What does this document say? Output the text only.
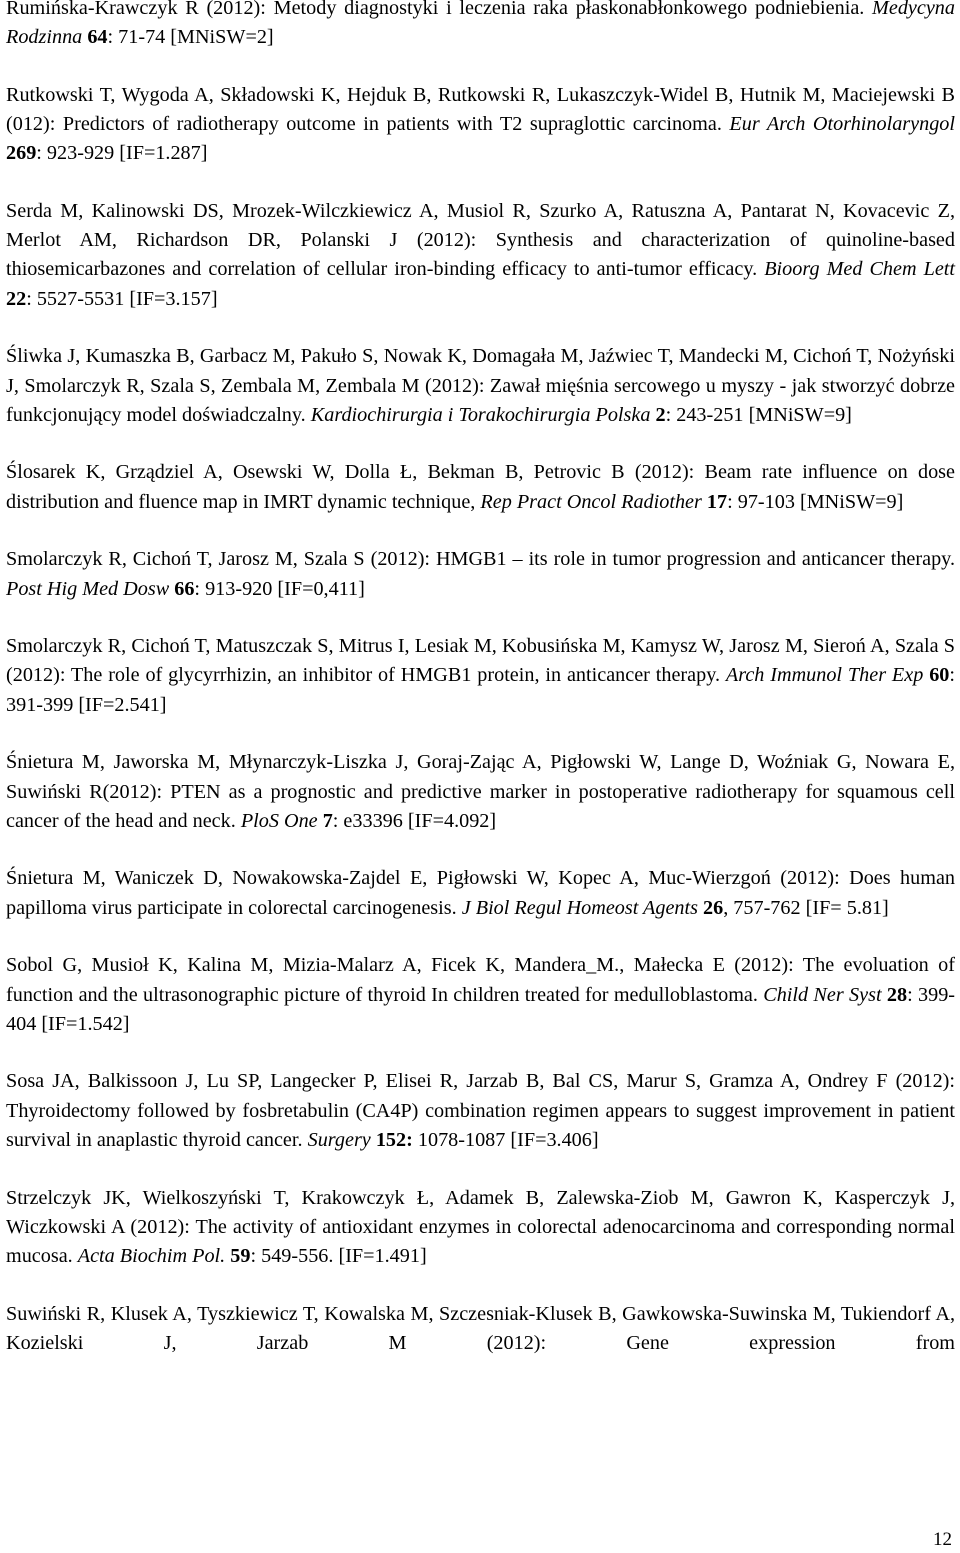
Rumińska-Krawczyk R (2012): Metody diagnostyki i leczenia raka płaskonabłonkowego podniebienia. Medycyna Rodzinna 64: 71-74 [MNiSW=2]

Rutkowski T, Wygoda A, Składowski K, Hejduk B, Rutkowski R, Lukaszczyk-Widel B, Hutnik M, Maciejewski B (012): Predictors of radiotherapy outcome in patients with T2 supraglottic carcinoma. Eur Arch Otorhinolaryngol 269: 923-929 [IF=1.287]

Serda M, Kalinowski DS, Mrozek-Wilczkiewicz A, Musiol R, Szurko A, Ratuszna A, Pantarat N, Kovacevic Z, Merlot AM, Richardson DR, Polanski J (2012): Synthesis and characterization of quinoline-based thiosemicarbazones and correlation of cellular iron-binding efficacy to anti-tumor efficacy. Bioorg Med Chem Lett 22: 5527-5531 [IF=3.157]

Śliwka J, Kumaszka B, Garbacz M, Pakuło S, Nowak K, Domagała M, Jaźwiec T, Mandecki M, Cichoń T, Nożyński J, Smolarczyk R, Szala S, Zembala M, Zembala M (2012): Zawał mięśnia sercowego u myszy - jak stworzyć dobrze funkcjonujący model doświadczalny. Kardiochirurgia i Torakochirurgia Polska 2: 243-251 [MNiSW=9]

Ślosarek K, Grządziel A, Osewski W, Dolla Ł, Bekman B, Petrovic B (2012): Beam rate influence on dose distribution and fluence map in IMRT dynamic technique, Rep Pract Oncol Radiother 17: 97-103 [MNiSW=9]

Smolarczyk R, Cichoń T, Jarosz M, Szala S (2012): HMGB1 – its role in tumor progression and anticancer therapy. Post Hig Med Dosw 66: 913-920 [IF=0,411]

Smolarczyk R, Cichoń T, Matuszczak S, Mitrus I, Lesiak M, Kobusińska M, Kamysz W, Jarosz M, Sieroń A, Szala S (2012): The role of glycyrrhizin, an inhibitor of HMGB1 protein, in anticancer therapy. Arch Immunol Ther Exp 60: 391-399 [IF=2.541]

Śnietura M, Jaworska M, Młynarczyk-Liszka J, Goraj-Zając A, Pigłowski W, Lange D, Woźniak G, Nowara E, Suwiński R(2012): PTEN as a prognostic and predictive marker in postoperative radiotherapy for squamous cell cancer of the head and neck. PloS One 7: e33396 [IF=4.092]

Śnietura M, Waniczek D, Nowakowska-Zajdel E, Pigłowski W, Kopec A, Muc-Wierzgoń (2012): Does human papilloma virus participate in colorectal carcinogenesis. J Biol Regul Homeost Agents 26, 757-762 [IF= 5.81]

Sobol G, Musioł K, Kalina M, Mizia-Malarz A, Ficek K, Mandera_M., Małecka E (2012): The evoluation of function and the ultrasonographic picture of thyroid In children treated for medulloblastoma. Child Ner Syst 28: 399-404 [IF=1.542]

Sosa JA, Balkissoon J, Lu SP, Langecker P, Elisei R, Jarzab B, Bal CS, Marur S, Gramza A, Ondrey F (2012): Thyroidectomy followed by fosbretabulin (CA4P) combination regimen appears to suggest improvement in patient survival in anaplastic thyroid cancer. Surgery 152: 1078-1087 [IF=3.406]

Strzelczyk JK, Wielkoszyński T, Krakowczyk Ł, Adamek B, Zalewska-Ziob M, Gawron K, Kasperczyk J, Wiczkowski A (2012): The activity of antioxidant enzymes in colorectal adenocarcinoma and corresponding normal mucosa. Acta Biochim Pol. 59: 549-556. [IF=1.491]

Suwiński R, Klusek A, Tyszkiewicz T, Kowalska M, Szczesniak-Klusek B, Gawkowska-Suwinska M, Tukiendorf A, Kozielski J, Jarzab M (2012): Gene expression from

12
